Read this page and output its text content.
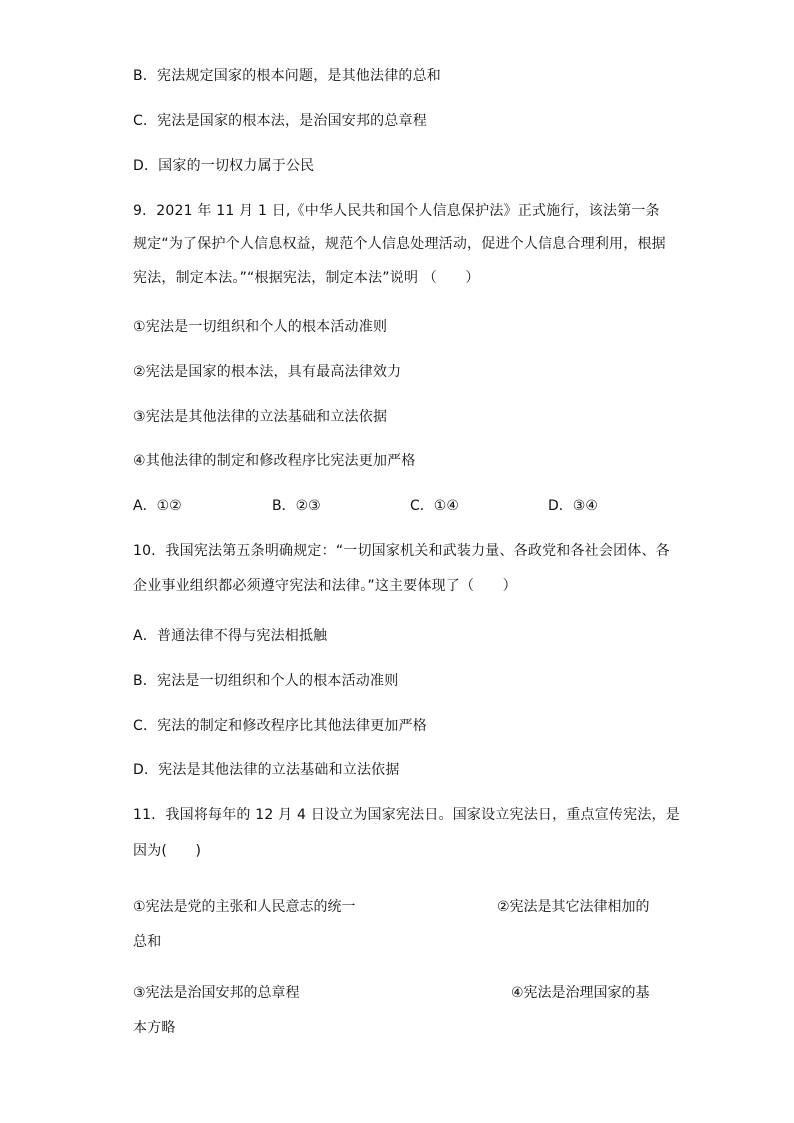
B．宪法规定国家的根本问题，是其他法律的总和
C．宪法是国家的根本法，是治国安邦的总章程
D．国家的一切权力属于公民
9．2021 年 11 月 1 日,《中华人民共和国个人信息保护法》正式施行，该法第一条
规定“为了保护个人信息权益，规范个人信息处理活动，促进个人信息合理利用，根据
宪法，制定本法。”“根据宪法，制定本法”说明 （　　）
①宪法是一切组织和个人的根本活动准则
②宪法是国家的根本法，具有最高法律效力
③宪法是其他法律的立法基础和立法依据
④其他法律的制定和修改程序比宪法更加严格
A．①②	B．②③	C．①④	D．③④
10．我国宪法第五条明确规定：“一切国家机关和武装力量、各政党和各社会团体、各
企业事业组织都必须遵守宪法和法律。”这主要体现了（　　）
A．普通法律不得与宪法相抵触
B．宪法是一切组织和个人的根本活动准则
C．宪法的制定和修改程序比其他法律更加严格
D．宪法是其他法律的立法基础和立法依据
11．我国将每年的 12 月 4 日设立为国家宪法日。国家设立宪法日，重点宣传宪法，是
因为(　　)
①宪法是党的主张和人民意志的统一	②宪法是其它法律相加的
总和
③宪法是治国安邦的总章程	④宪法是治理国家的基
本方略
